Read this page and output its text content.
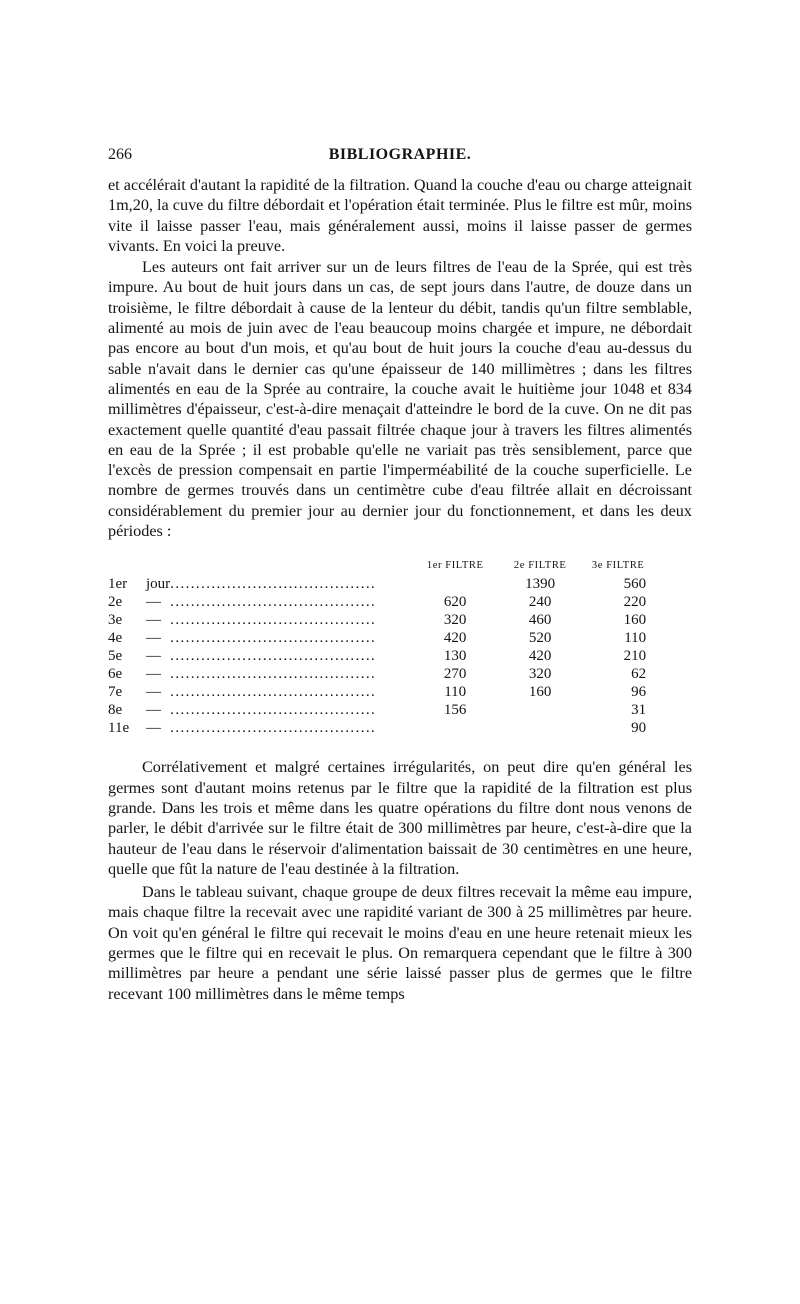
266	BIBLIOGRAPHIE.

et accélérait d'autant la rapidité de la filtration. Quand la couche d'eau ou charge atteignait 1m,20, la cuve du filtre débordait et l'opération était terminée. Plus le filtre est mûr, moins vite il laisse passer l'eau, mais généralement aussi, moins il laisse passer de germes vivants. En voici la preuve.

Les auteurs ont fait arriver sur un de leurs filtres de l'eau de la Sprée, qui est très impure. Au bout de huit jours dans un cas, de sept jours dans l'autre, de douze dans un troisième, le filtre débordait à cause de la lenteur du débit, tandis qu'un filtre semblable, alimenté au mois de juin avec de l'eau beaucoup moins chargée et impure, ne débordait pas encore au bout d'un mois, et qu'au bout de huit jours la couche d'eau au-dessus du sable n'avait dans le dernier cas qu'une épaisseur de 140 millimètres ; dans les filtres alimentés en eau de la Sprée au contraire, la couche avait le huitième jour 1048 et 834 millimètres d'épaisseur, c'est-à-dire menaçait d'atteindre le bord de la cuve. On ne dit pas exactement quelle quantité d'eau passait filtrée chaque jour à travers les filtres alimentés en eau de la Sprée ; il est probable qu'elle ne variait pas très sensiblement, parce que l'excès de pression compensait en partie l'imperméabilité de la couche superficielle. Le nombre de germes trouvés dans un centimètre cube d'eau filtrée allait en décroissant considérablement du premier jour au dernier jour du fonctionnement, et dans les deux périodes :

			1er FILTRE	2e FILTRE	3e FILTRE
1er	jour	........................................		1390	560
2e	—	........................................	620	240	220
3e	—	........................................	320	460	160
4e	—	........................................	420	520	110
5e	—	........................................	130	420	210
6e	—	........................................	270	320	62
7e	—	........................................	110	160	96
8e	—	........................................	156		31
11e	—	........................................			90

Corrélativement et malgré certaines irrégularités, on peut dire qu'en général les germes sont d'autant moins retenus par le filtre que la rapidité de la filtration est plus grande. Dans les trois et même dans les quatre opérations du filtre dont nous venons de parler, le débit d'arrivée sur le filtre était de 300 millimètres par heure, c'est-à-dire que la hauteur de l'eau dans le réservoir d'alimentation baissait de 30 centimètres en une heure, quelle que fût la nature de l'eau destinée à la filtration.

Dans le tableau suivant, chaque groupe de deux filtres recevait la même eau impure, mais chaque filtre la recevait avec une rapidité variant de 300 à 25 millimètres par heure. On voit qu'en général le filtre qui recevait le moins d'eau en une heure retenait mieux les germes que le filtre qui en recevait le plus. On remarquera cependant que le filtre à 300 millimètres par heure a pendant une série laissé passer plus de germes que le filtre recevant 100 millimètres dans le même temps
